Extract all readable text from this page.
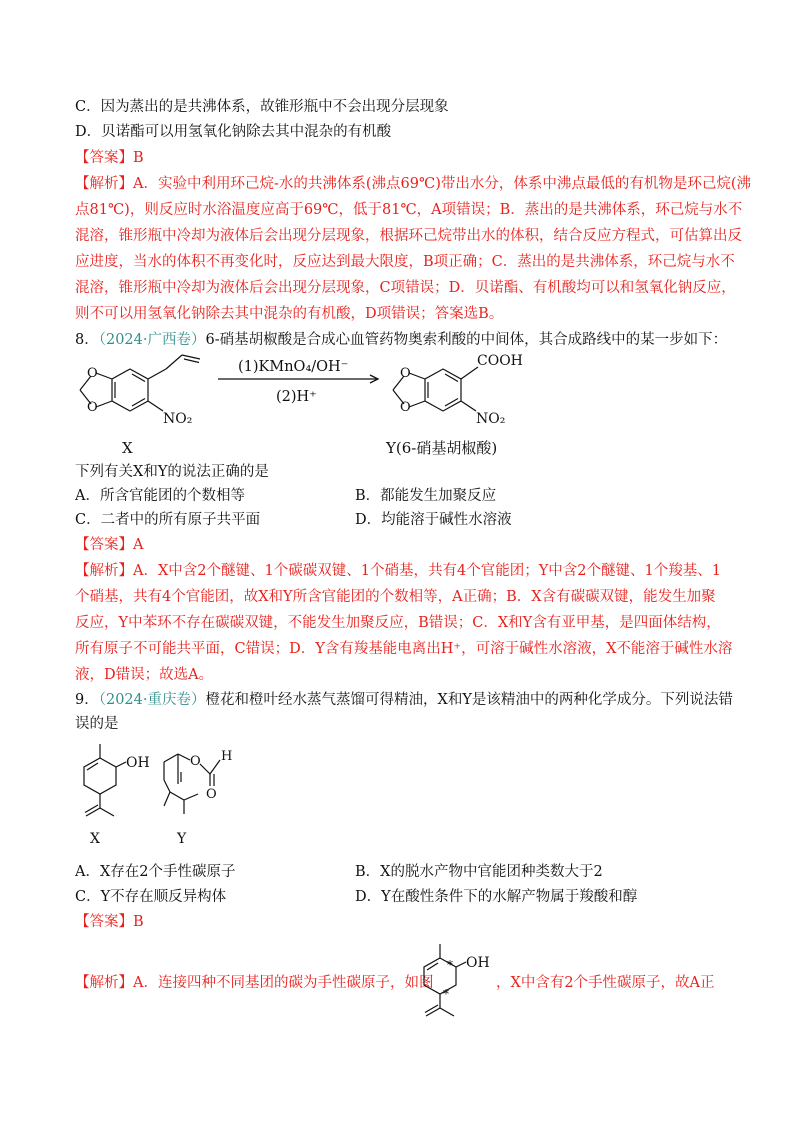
C．因为蒸出的是共沸体系，故锥形瓶中不会出现分层现象
D．贝诺酯可以用氢氧化钠除去其中混杂的有机酸
【答案】B
【解析】A．实验中利用环己烷-水的共沸体系(沸点69℃)带出水分，体系中沸点最低的有机物是环己烷(沸
点81℃)，则反应时水浴温度应高于69℃，低于81℃，A项错误；B．蒸出的是共沸体系，环己烷与水不
混溶，锥形瓶中冷却为液体后会出现分层现象，根据环己烷带出水的体积，结合反应方程式，可估算出反
应进度，当水的体积不再变化时，反应达到最大限度，B项正确；C．蒸出的是共沸体系，环己烷与水不
混溶，锥形瓶中冷却为液体后会出现分层现象，C项错误；D．贝诺酯、有机酸均可以和氢氧化钠反应，
则不可以用氢氧化钠除去其中混杂的有机酸，D项错误；答案选B。
8．（2024·广西卷）6-硝基胡椒酸是合成心血管药物奥索利酸的中间体，其合成路线中的某一步如下：
O
O
NO₂
(1)KMnO₄/OH⁻
(2)H⁺
O
O
COOH
NO₂
X	Y(6-硝基胡椒酸)
下列有关X和Y的说法正确的是
A．所含官能团的个数相等	B．都能发生加聚反应
C．二者中的所有原子共平面	D．均能溶于碱性水溶液
【答案】A
【解析】A．X中含2个醚键、1个碳碳双键、1个硝基，共有4个官能团；Y中含2个醚键、1个羧基、1
个硝基，共有4个官能团，故X和Y所含官能团的个数相等，A正确；B．X含有碳碳双键，能发生加聚
反应，Y中苯环不存在碳碳双键，不能发生加聚反应，B错误；C．X和Y含有亚甲基，是四面体结构，
所有原子不可能共平面，C错误；D．Y含有羧基能电离出H⁺，可溶于碱性水溶液，X不能溶于碱性水溶
液，D错误；故选A。
9．（2024·重庆卷）橙花和橙叶经水蒸气蒸馏可得精油，X和Y是该精油中的两种化学成分。下列说法错
误的是
OH	O
O
H
X	Y
A．X存在2个手性碳原子	B．X的脱水产物中官能团种类数大于2
C．Y不存在顺反异构体	D．Y在酸性条件下的水解产物属于羧酸和醇
【答案】B
【解析】A．连接四种不同基团的碳为手性碳原子，如图
OH
*
*
，X中含有2个手性碳原子，故A正
